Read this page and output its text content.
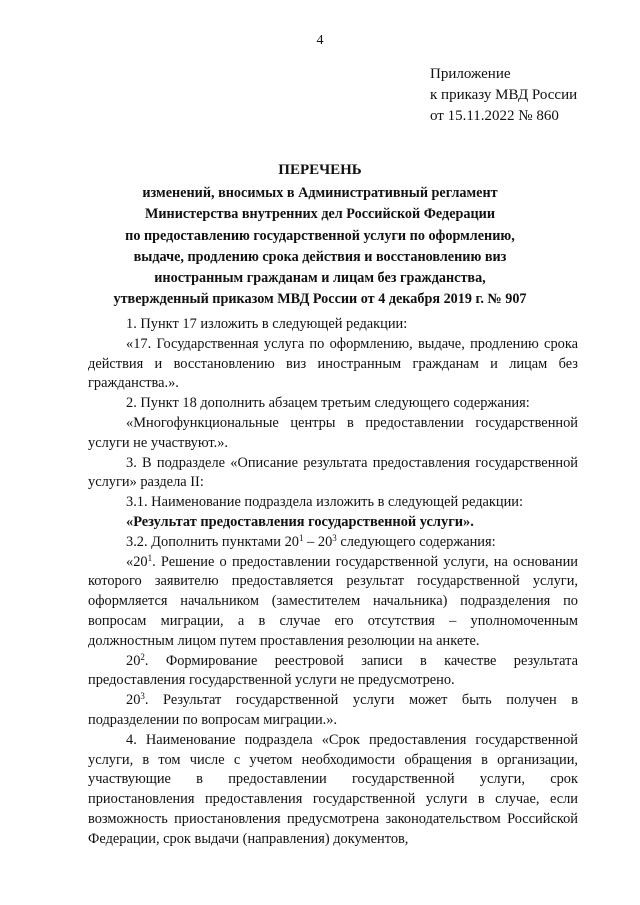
4
Приложение
к приказу МВД России
от 15.11.2022 № 860
ПЕРЕЧЕНЬ
изменений, вносимых в Административный регламент
Министерства внутренних дел Российской Федерации
по предоставлению государственной услуги по оформлению,
выдаче, продлению срока действия и восстановлению виз
иностранным гражданам и лицам без гражданства,
утвержденный приказом МВД России от 4 декабря 2019 г. № 907

1. Пункт 17 изложить в следующей редакции:

«17. Государственная услуга по оформлению, выдаче, продлению срока действия и восстановлению виз иностранным гражданам и лицам без гражданства.».

2. Пункт 18 дополнить абзацем третьим следующего содержания:

«Многофункциональные центры в предоставлении государственной услуги не участвуют.».

3. В подразделе «Описание результата предоставления государственной услуги» раздела II:

3.1. Наименование подраздела изложить в следующей редакции:

«Результат предоставления государственной услуги».

3.2. Дополнить пунктами $20^1 - 20^3$ следующего содержания:

«$20^1$. Решение о предоставлении государственной услуги, на основании которого заявителю предоставляется результат государственной услуги, оформляется начальником (заместителем начальника) подразделения по вопросам миграции, а в случае его отсутствия – уполномоченным должностным лицом путем проставления резолюции на анкете.

$20^2$. Формирование реестровой записи в качестве результата предоставления государственной услуги не предусмотрено.

$20^3$. Результат государственной услуги может быть получен в подразделении по вопросам миграции.».

4. Наименование подраздела «Срок предоставления государственной услуги, в том числе с учетом необходимости обращения в организации, участвующие в предоставлении государственной услуги, срок приостановления предоставления государственной услуги в случае, если возможность приостановления предусмотрена законодательством Российской Федерации, срок выдачи (направления) документов,
